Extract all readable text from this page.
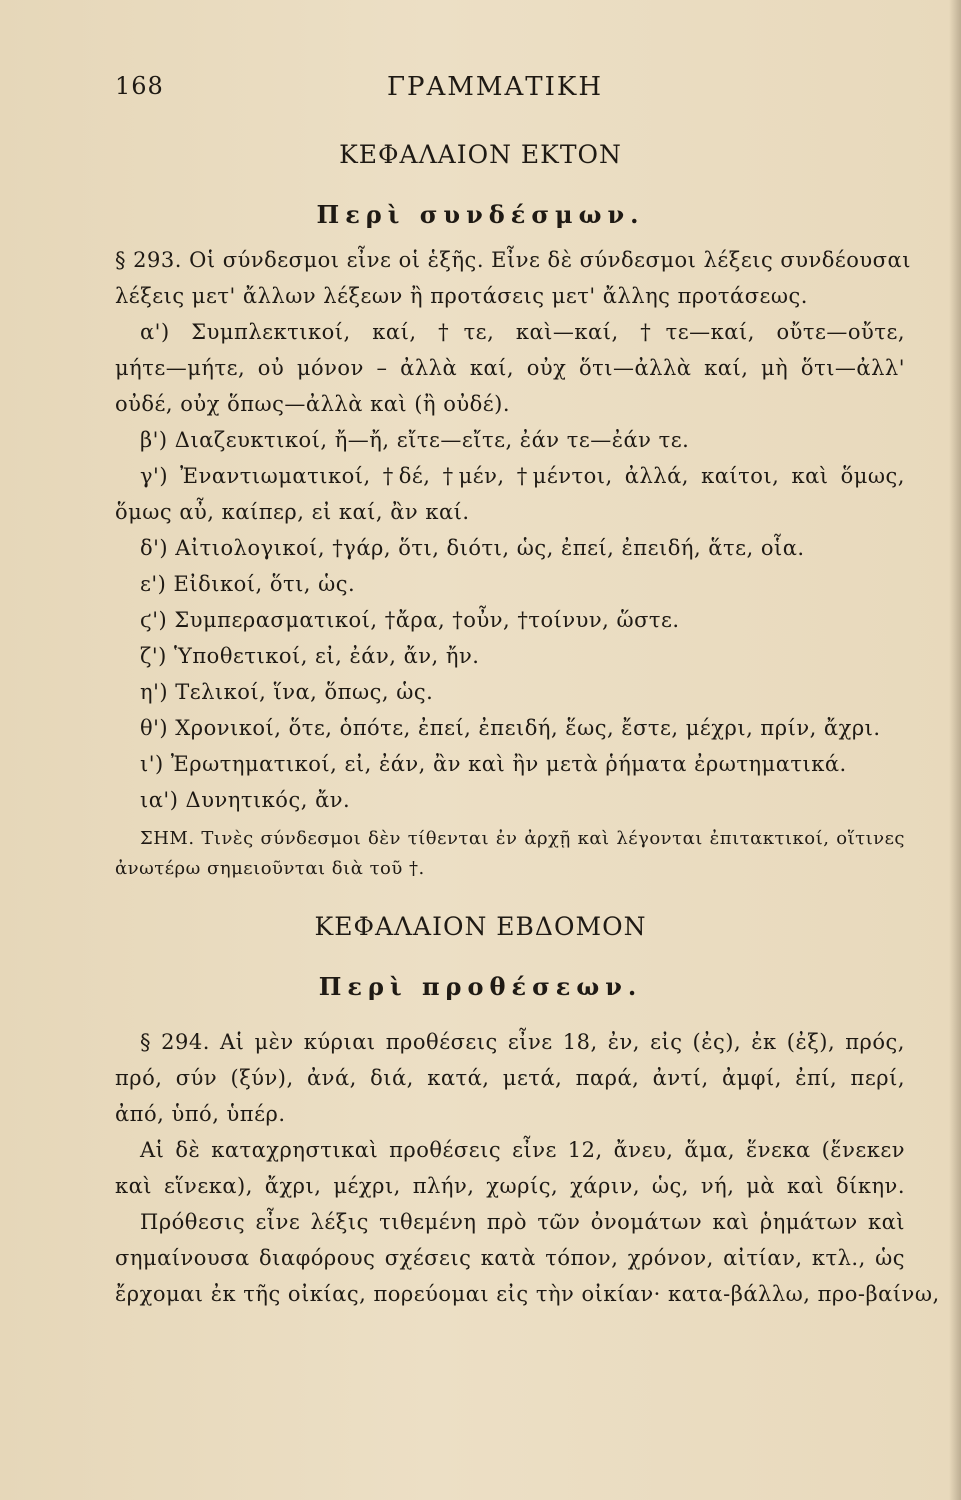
168	ΓΡΑΜΜΑΤΙΚΗ
ΚΕΦΑΛΑΙΟΝ ΕΚΤΟΝ
Περὶ συνδέσμων.
§ 293. Οἱ σύνδεσμοι εἶνε οἱ ἑξῆς. Εἶνε δὲ σύνδεσμοι λέξεις συνδέουσαι
λέξεις μετ' ἄλλων λέξεων ἢ προτάσεις μετ' ἄλλης προτάσεως.
α') Συμπλεκτικοί, καί, †τε, καὶ—καί, †τε—καί, οὔτε—οὔτε,
μήτε—μήτε, οὐ μόνον – ἀλλὰ καί, οὐχ ὅτι—ἀλλὰ καί, μὴ ὅτι—ἀλλ'
οὐδέ, οὐχ ὅπως—ἀλλὰ καὶ (ἢ οὐδέ).
β') Διαζευκτικοί, ἤ—ἤ, εἴτε—εἴτε, ἐάν τε—ἐάν τε.
γ') Ἐναντιωματικοί, †δέ, †μέν, †μέντοι, ἀλλά, καίτοι, καὶ ὅμως,
ὅμως αὖ, καίπερ, εἰ καί, ἂν καί.
δ') Αἰτιολογικοί, †γάρ, ὅτι, διότι, ὡς, ἐπεί, ἐπειδή, ἅτε, οἷα.
ε') Εἰδικοί, ὅτι, ὡς.
ϛ') Συμπερασματικοί, †ἄρα, †οὖν, †τοίνυν, ὥστε.
ζ') Ὑποθετικοί, εἰ, ἐάν, ἄν, ἤν.
η') Τελικοί, ἵνα, ὅπως, ὡς.
θ') Χρονικοί, ὅτε, ὁπότε, ἐπεί, ἐπειδή, ἕως, ἔστε, μέχρι, πρίν, ἄχρι.
ι') Ἐρωτηματικοί, εἰ, ἐάν, ἂν καὶ ἢν μετὰ ῥήματα ἐρωτηματικά.
ια') Δυνητικός, ἄν.
ΣΗΜ. Τινὲς σύνδεσμοι δὲν τίθενται ἐν ἀρχῇ καὶ λέγονται ἐπιτακτικοί, οἵτινες
ἀνωτέρω σημειοῦνται διὰ τοῦ †.
ΚΕΦΑΛΑΙΟΝ ΕΒΔΟΜΟΝ
Περὶ προθέσεων.
§ 294. Αἱ μὲν κύριαι προθέσεις εἶνε 18, ἐν, εἰς (ἐς), ἐκ (ἐξ), πρός,
πρό, σύν (ξύν), ἀνά, διά, κατά, μετά, παρά, ἀντί, ἀμφί, ἐπί, περί,
ἀπό, ὑπό, ὑπέρ.
Αἱ δὲ καταχρηστικαὶ προθέσεις εἶνε 12, ἄνευ, ἅμα, ἕνεκα (ἕνεκεν
καὶ εἵνεκα), ἄχρι, μέχρι, πλήν, χωρίς, χάριν, ὡς, νή, μὰ καὶ δίκην.
Πρόθεσις εἶνε λέξις τιθεμένη πρὸ τῶν ὀνομάτων καὶ ῥημάτων καὶ
σημαίνουσα διαφόρους σχέσεις κατὰ τόπον, χρόνον, αἰτίαν, κτλ., ὡς
ἔρχομαι ἐκ τῆς οἰκίας, πορεύομαι εἰς τὴν οἰκίαν· κατα-βάλλω, προ-βαίνω,
